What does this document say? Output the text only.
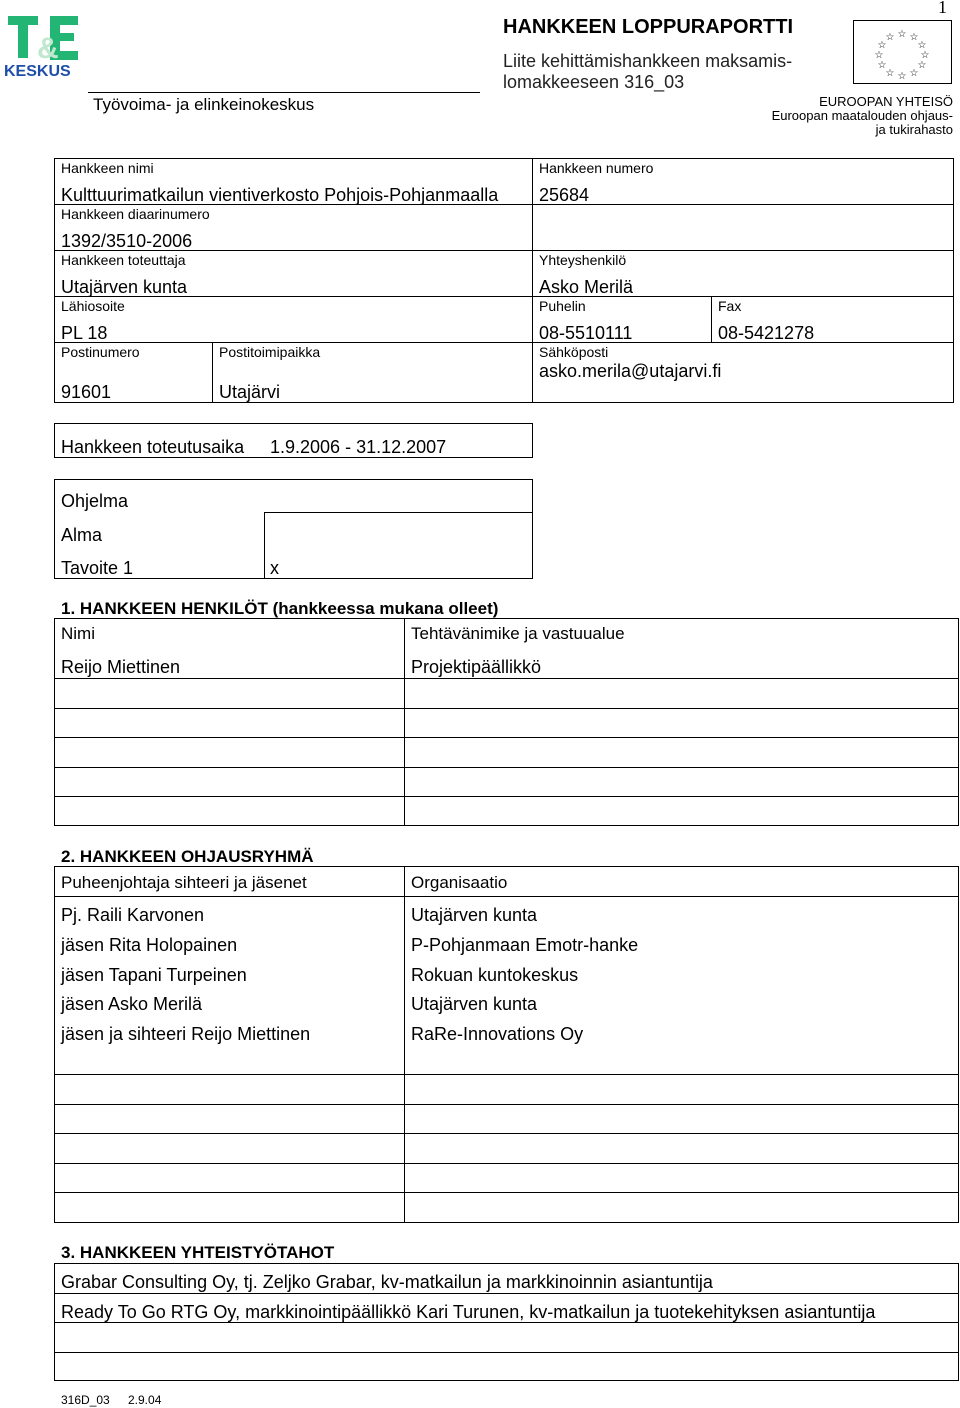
1
&
KESKUS
Työvoima- ja elinkeinokeskus
HANKKEEN LOPPURAPORTTI
Liite kehittämishankkeen maksamis-
lomakkeeseen 316_03
☆ ☆
☆
☆
☆
☆
☆
☆
☆
☆
☆
☆
EUROOPAN YHTEISÖ
Euroopan maatalouden ohjaus-
ja tukirahasto
Hankkeen nimi
Kulttuurimatkailun vientiverkosto Pohjois-Pohjanmaalla
Hankkeen numero
25684
Hankkeen diaarinumero
1392/3510-2006
Hankkeen toteuttaja
Utajärven kunta
Yhteyshenkilö
Asko Merilä
Lähiosoite
PL 18
Puhelin
08-5510111
Fax
08-5421278
Postinumero
91601
Postitoimipaikka
Utajärvi
Sähköposti
asko.merila@utajarvi.fi
Hankkeen toteutusaika 1.9.2006 - 31.12.2007
Ohjelma
Alma
Tavoite 1	x
1. HANKKEEN HENKILÖT (hankkeessa mukana olleet)
Nimi	Tehtävänimike ja vastuualue
Reijo Miettinen	Projektipäällikkö
2. HANKKEEN OHJAUSRYHMÄ
Puheenjohtaja sihteeri ja jäsenet	Organisaatio
Pj. Raili Karvonen	Utajärven kunta
jäsen Rita Holopainen	P-Pohjanmaan Emotr-hanke
jäsen Tapani Turpeinen	Rokuan kuntokeskus
jäsen Asko Merilä	Utajärven kunta
jäsen ja sihteeri Reijo Miettinen	RaRe-Innovations Oy
3. HANKKEEN YHTEISTYÖTAHOT
Grabar Consulting Oy, tj. Zeljko Grabar, kv-matkailun ja markkinoinnin asiantuntija
Ready To Go RTG Oy, markkinointipäällikkö Kari Turunen, kv-matkailun ja tuotekehityksen asiantuntija
316D_03 2.9.04
